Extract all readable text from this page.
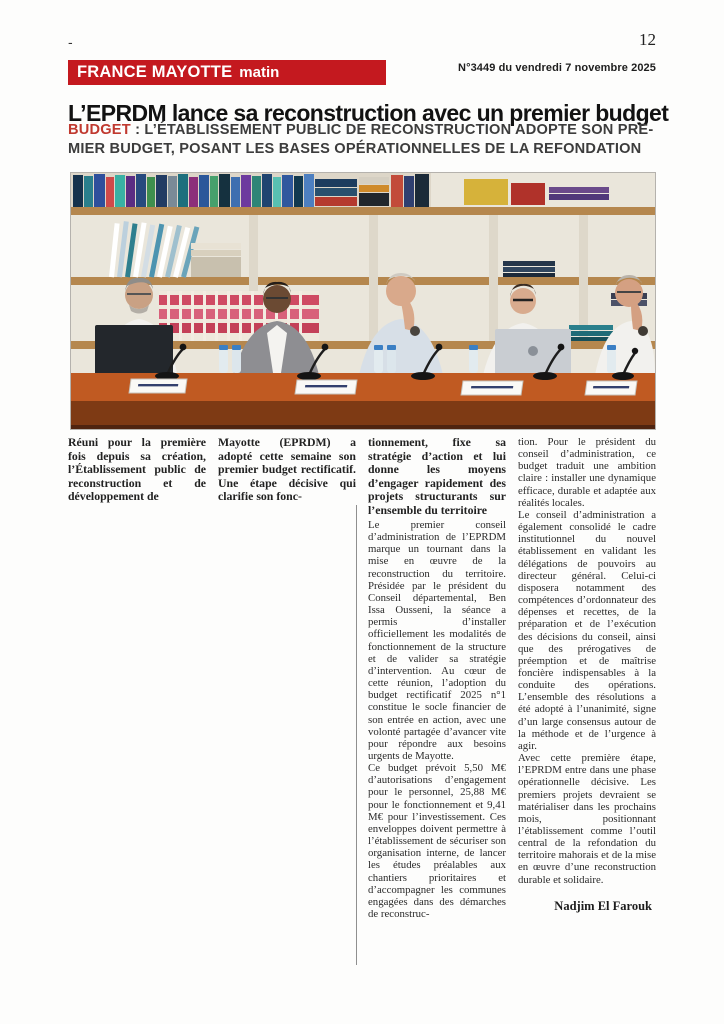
-	12
FRANCE MAYOTTE matin	N°3449 du vendredi 7 novembre 2025
L’EPRDM lance sa reconstruction avec un premier budget
BUDGET : L’ÉTABLISSEMENT PUBLIC DE RECONSTRUCTION ADOPTE SON PRE-
MIER BUDGET, POSANT LES BASES OPÉRATIONNELLES DE LA REFONDATION
Réuni pour la première fois depuis sa création, l’Établissement public de reconstruction et de développement de
Mayotte (EPRDM) a adopté cette semaine son premier budget rectificatif. Une étape décisive qui clarifie son fonc-
tionnement, fixe sa stratégie d’action et lui donne les moyens d’engager rapidement des projets structurants sur l’ensemble du territoire

Le premier conseil d’administration de l’EPRDM marque un tournant dans la mise en œuvre de la reconstruction du territoire. Présidée par le président du Conseil départemental, Ben Issa Ousseni, la séance a permis d’installer officiellement les modalités de fonctionnement de la structure et de valider sa stratégie d’intervention. Au cœur de cette réunion, l’adoption du budget rectificatif 2025 n°1 constitue le socle financier de son entrée en action, avec une volonté partagée d’avancer vite pour répondre aux besoins urgents de Mayotte.

Ce budget prévoit 5,50 M€ d’autorisations d’engagement pour le personnel, 25,88 M€ pour le fonctionnement et 9,41 M€ pour l’investissement. Ces enveloppes doivent permettre à l’établissement de sécuriser son organisation interne, de lancer les études préalables aux chantiers prioritaires et d’accompagner les communes engagées dans des démarches de reconstruc-

tion. Pour le président du conseil d’administration, ce budget traduit une ambition claire : installer une dynamique efficace, durable et adaptée aux réalités locales.

Le conseil d’administration a également consolidé le cadre institutionnel du nouvel établissement en validant les délégations de pouvoirs au directeur général. Celui-ci disposera notamment des compétences d’ordonnateur des dépenses et recettes, de la préparation et de l’exécution des décisions du conseil, ainsi que des prérogatives de préemption et de maîtrise foncière indispensables à la conduite des opérations. L’ensemble des résolutions a été adopté à l’unanimité, signe d’un large consensus autour de la méthode et de l’urgence à agir.

Avec cette première étape, l’EPRDM entre dans une phase opérationnelle décisive. Les premiers projets devraient se matérialiser dans les prochains mois, positionnant l’établissement comme l’outil central de la refondation du territoire mahorais et de la mise en œuvre d’une reconstruction durable et solidaire.

Nadjim El Farouk
